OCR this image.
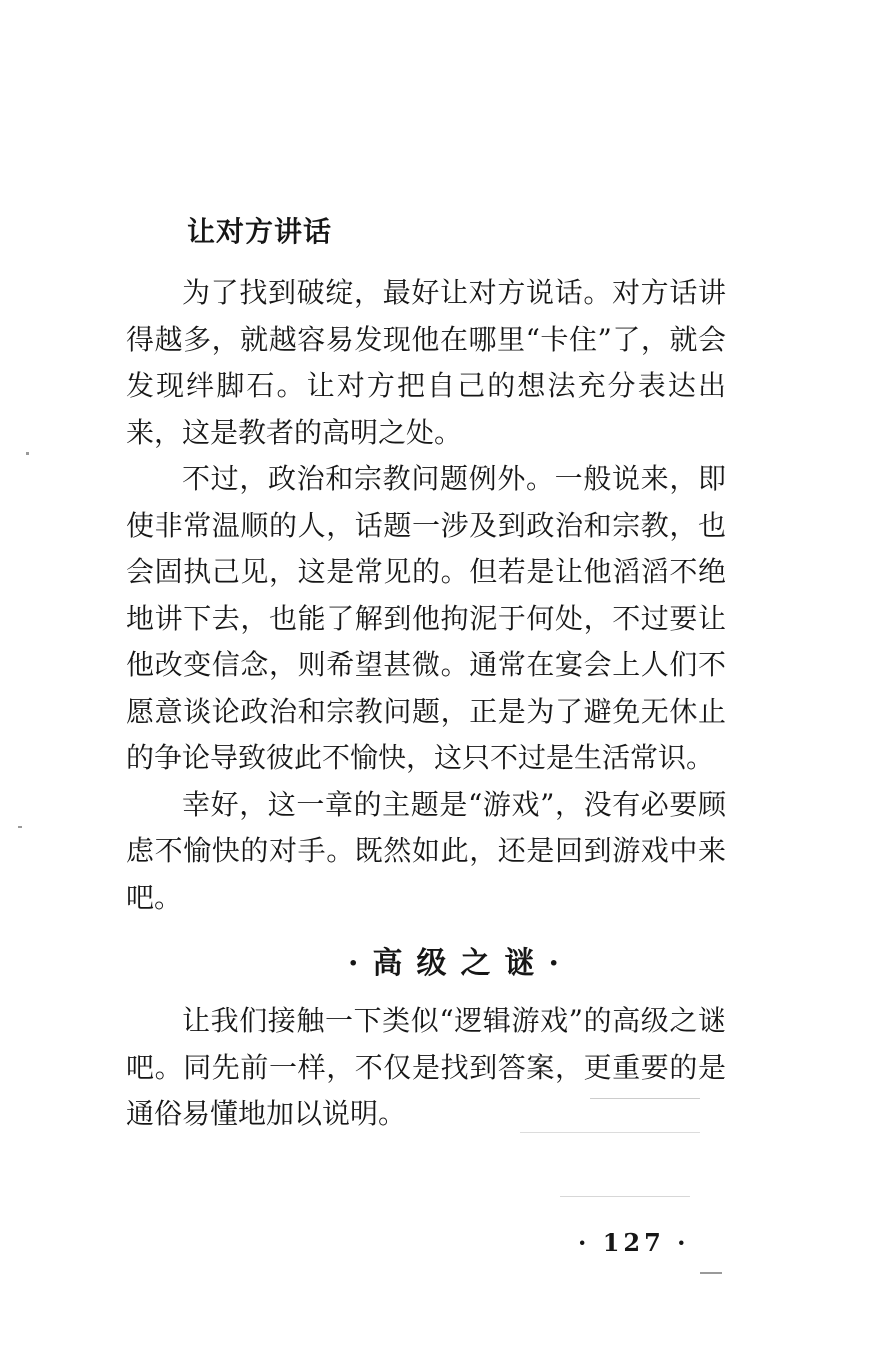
让对方讲话

为了找到破绽，最好让对方说话。对方话讲得越多，就越容易发现他在哪里“卡住”了，就会发现绊脚石。让对方把自己的想法充分表达出来，这是教者的高明之处。

不过，政治和宗教问题例外。一般说来，即使非常温顺的人，话题一涉及到政治和宗教，也会固执己见，这是常见的。但若是让他滔滔不绝地讲下去，也能了解到他拘泥于何处，不过要让他改变信念，则希望甚微。通常在宴会上人们不愿意谈论政治和宗教问题，正是为了避免无休止的争论导致彼此不愉快，这只不过是生活常识。

幸好，这一章的主题是“游戏”，没有必要顾虑不愉快的对手。既然如此，还是回到游戏中来吧。

·高级之谜·

让我们接触一下类似“逻辑游戏”的高级之谜吧。同先前一样，不仅是找到答案，更重要的是通俗易懂地加以说明。

· 127 ·
